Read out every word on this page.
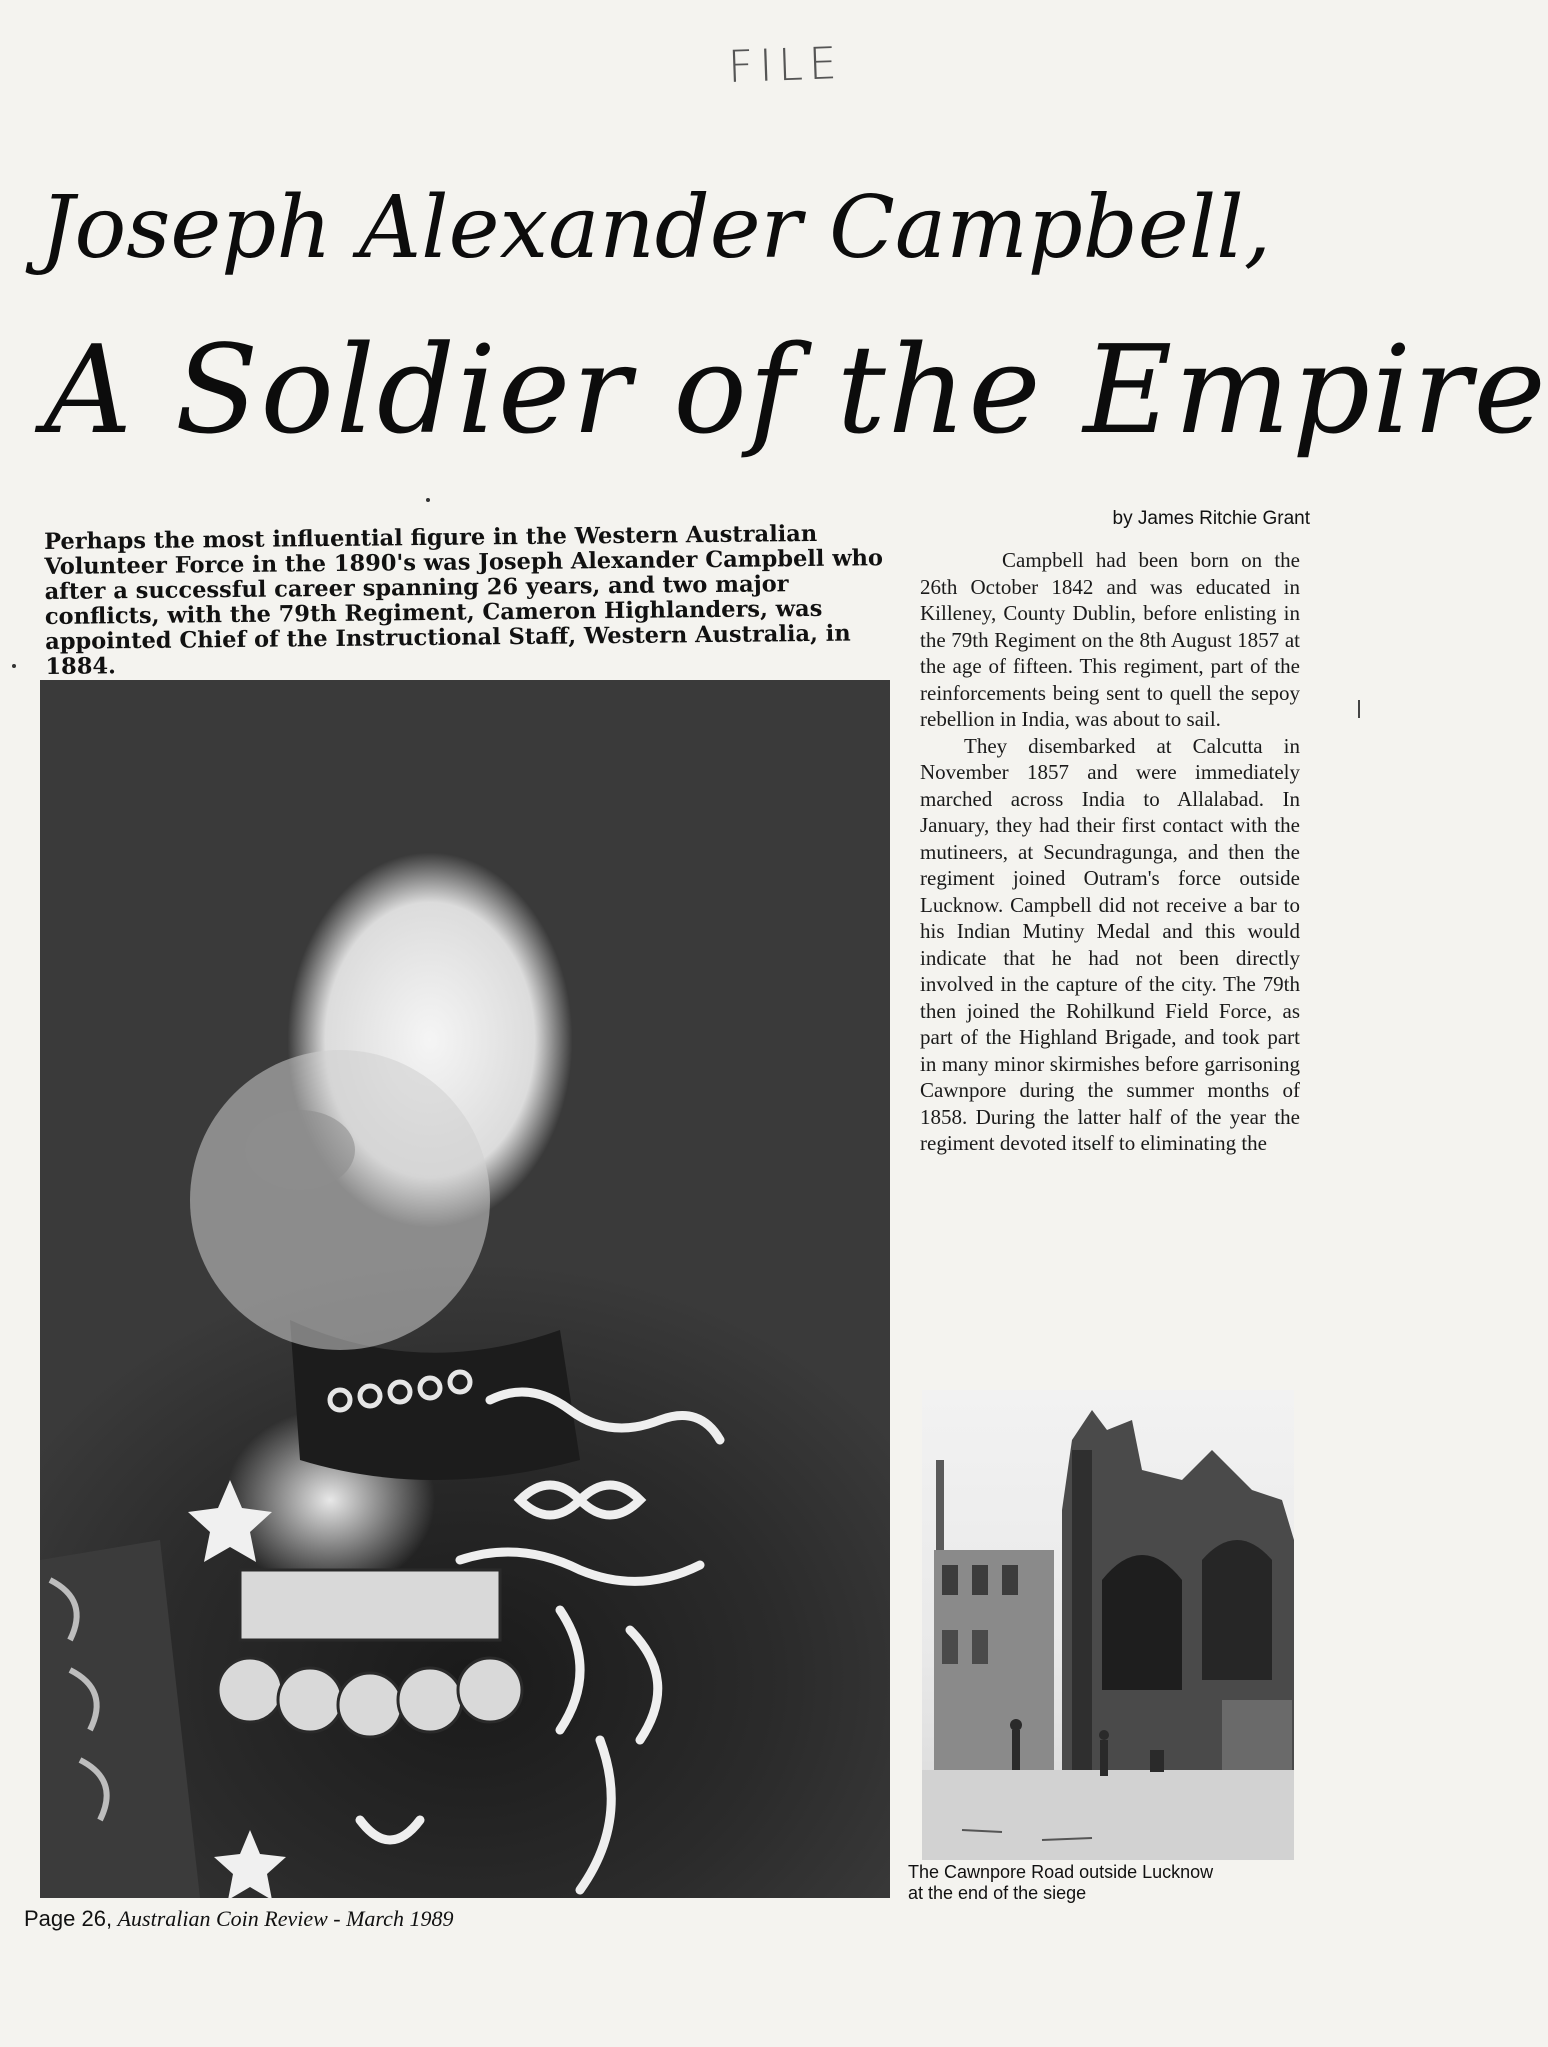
FILE
Joseph Alexander Campbell,
A Soldier of the Empire
by James Ritchie Grant
Perhaps the most influential figure in the Western Australian Volunteer Force in the 1890's was Joseph Alexander Campbell who after a successful career spanning 26 years, and two major conflicts, with the 79th Regiment, Cameron Highlanders, was appointed Chief of the Instructional Staff, Western Australia, in 1884.

Campbell had been born on the 26th October 1842 and was educated in Killeney, County Dublin, before enlisting in the 79th Regiment on the 8th August 1857 at the age of fifteen. This regiment, part of the reinforcements being sent to quell the sepoy rebellion in India, was about to sail.

They disembarked at Calcutta in November 1857 and were immediately marched across India to Allalabad. In January, they had their first contact with the mutineers, at Secundragunga, and then the regiment joined Outram's force outside Lucknow. Campbell did not receive a bar to his Indian Mutiny Medal and this would indicate that he had not been directly involved in the capture of the city. The 79th then joined the Rohilkund Field Force, as part of the Highland Brigade, and took part in many minor skirmishes before garrisoning Cawnpore during the summer months of 1858. During the latter half of the year the regiment devoted itself to eliminating the

The Cawnpore Road outside Lucknow
at the end of the siege
Page 26, Australian Coin Review - March 1989
